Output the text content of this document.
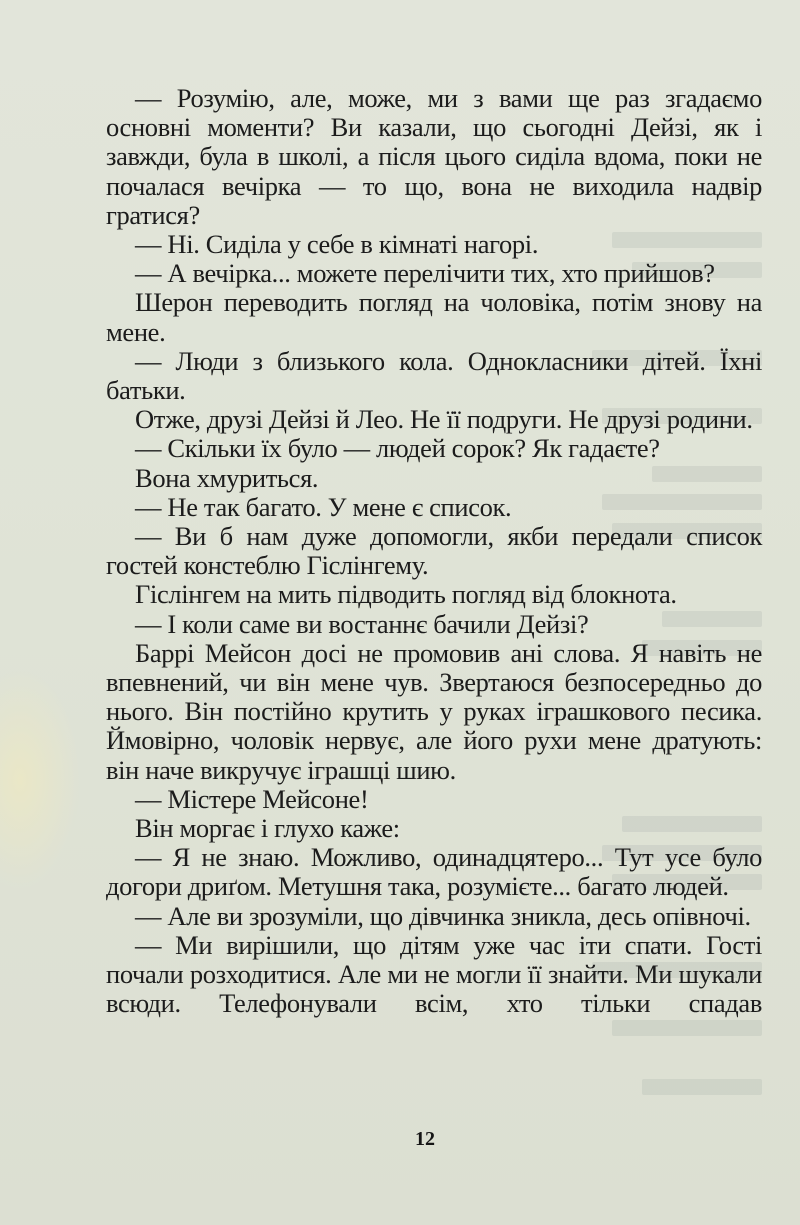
— Розумію, але, може, ми з вами ще раз згадаємо основні моменти? Ви казали, що сьогодні Дейзі, як і завжди, була в школі, а після цього сиділа вдома, поки не почалася вечірка — то що, вона не виходила надвір гратися?

— Ні. Сиділа у себе в кімнаті нагорі.

— А вечірка... можете перелічити тих, хто прийшов?

Шерон переводить погляд на чоловіка, потім знову на мене.

— Люди з близького кола. Однокласники дітей. Їхні батьки.

Отже, друзі Дейзі й Лео. Не її подруги. Не друзі родини.

— Скільки їх було — людей сорок? Як гадаєте?

Вона хмуриться.

— Не так багато. У мене є список.

— Ви б нам дуже допомогли, якби передали список гостей констеблю Гіслінгему.

Гіслінгем на мить підводить погляд від блокнота.

— І коли саме ви востаннє бачили Дейзі?

Баррі Мейсон досі не промовив ані слова. Я навіть не впевнений, чи він мене чув. Звертаюся безпосередньо до нього. Він постійно крутить у руках іграшкового песика. Ймовірно, чоловік нервує, але його рухи мене дратують: він наче викручує іграшці шию.

— Містере Мейсоне!

Він моргає і глухо каже:

— Я не знаю. Можливо, одинадцятеро... Тут усе було догори дриґом. Метушня така, розумієте... багато людей.

— Але ви зрозуміли, що дівчинка зникла, десь опівночі.

— Ми вирішили, що дітям уже час іти спати. Гості почали розходитися. Але ми не могли її знайти. Ми шукали всюди. Телефонували всім, хто тільки спадав

12
